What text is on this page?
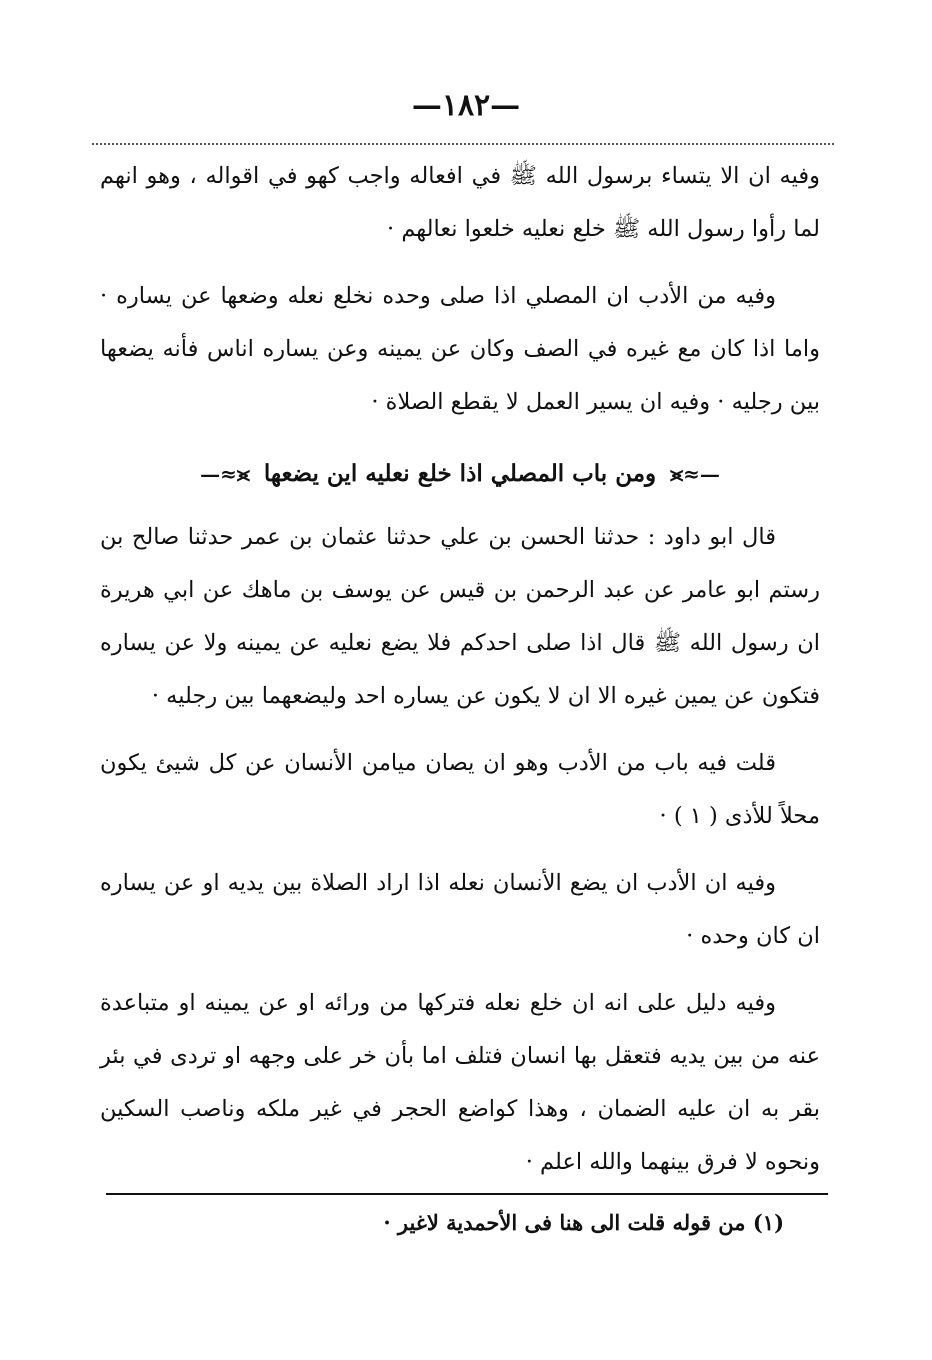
—١٨٢—

وفيه ان الا يتساء برسول الله ﷺ في افعاله واجب كهو في اقواله ، وهو انهم لما رأوا رسول الله ﷺ خلع نعليه خلعوا نعالهم ·

وفيه من الأدب ان المصلي اذا صلى وحده نخلع نعله وضعها عن يساره · واما اذا كان مع غيره في الصف وكان عن يمينه وعن يساره اناس فأنه يضعها بين رجليه · وفيه ان يسير العمل لا يقطع الصلاة ·

—≈⪤ ومن باب المصلي اذا خلع نعليه اين يضعها ⪤≈—

قال ابو داود : حدثنا الحسن بن علي حدثنا عثمان بن عمر حدثنا صالح بن رستم ابو عامر عن عبد الرحمن بن قيس عن يوسف بن ماهك عن ابي هريرة ان رسول الله ﷺ قال اذا صلى احدكم فلا يضع نعليه عن يمينه ولا عن يساره فتكون عن يمين غيره الا ان لا يكون عن يساره احد وليضعهما بين رجليه ·

قلت فيه باب من الأدب وهو ان يصان ميامن الأنسان عن كل شيئ يكون محلاً للأذى ( ١ ) ·

وفيه ان الأدب ان يضع الأنسان نعله اذا اراد الصلاة بين يديه او عن يساره ان كان وحده ·

وفيه دليل على انه ان خلع نعله فتركها من ورائه او عن يمينه او متباعدة عنه من بين يديه فتعقل بها انسان فتلف اما بأن خر على وجهه او تردى في بئر بقر به ان عليه الضمان ، وهذا كواضع الحجر في غير ملكه وناصب السكين ونحوه لا فرق بينهما والله اعلم ·

(١) من قوله قلت الى هنا فى الأحمدية لاغير ·
